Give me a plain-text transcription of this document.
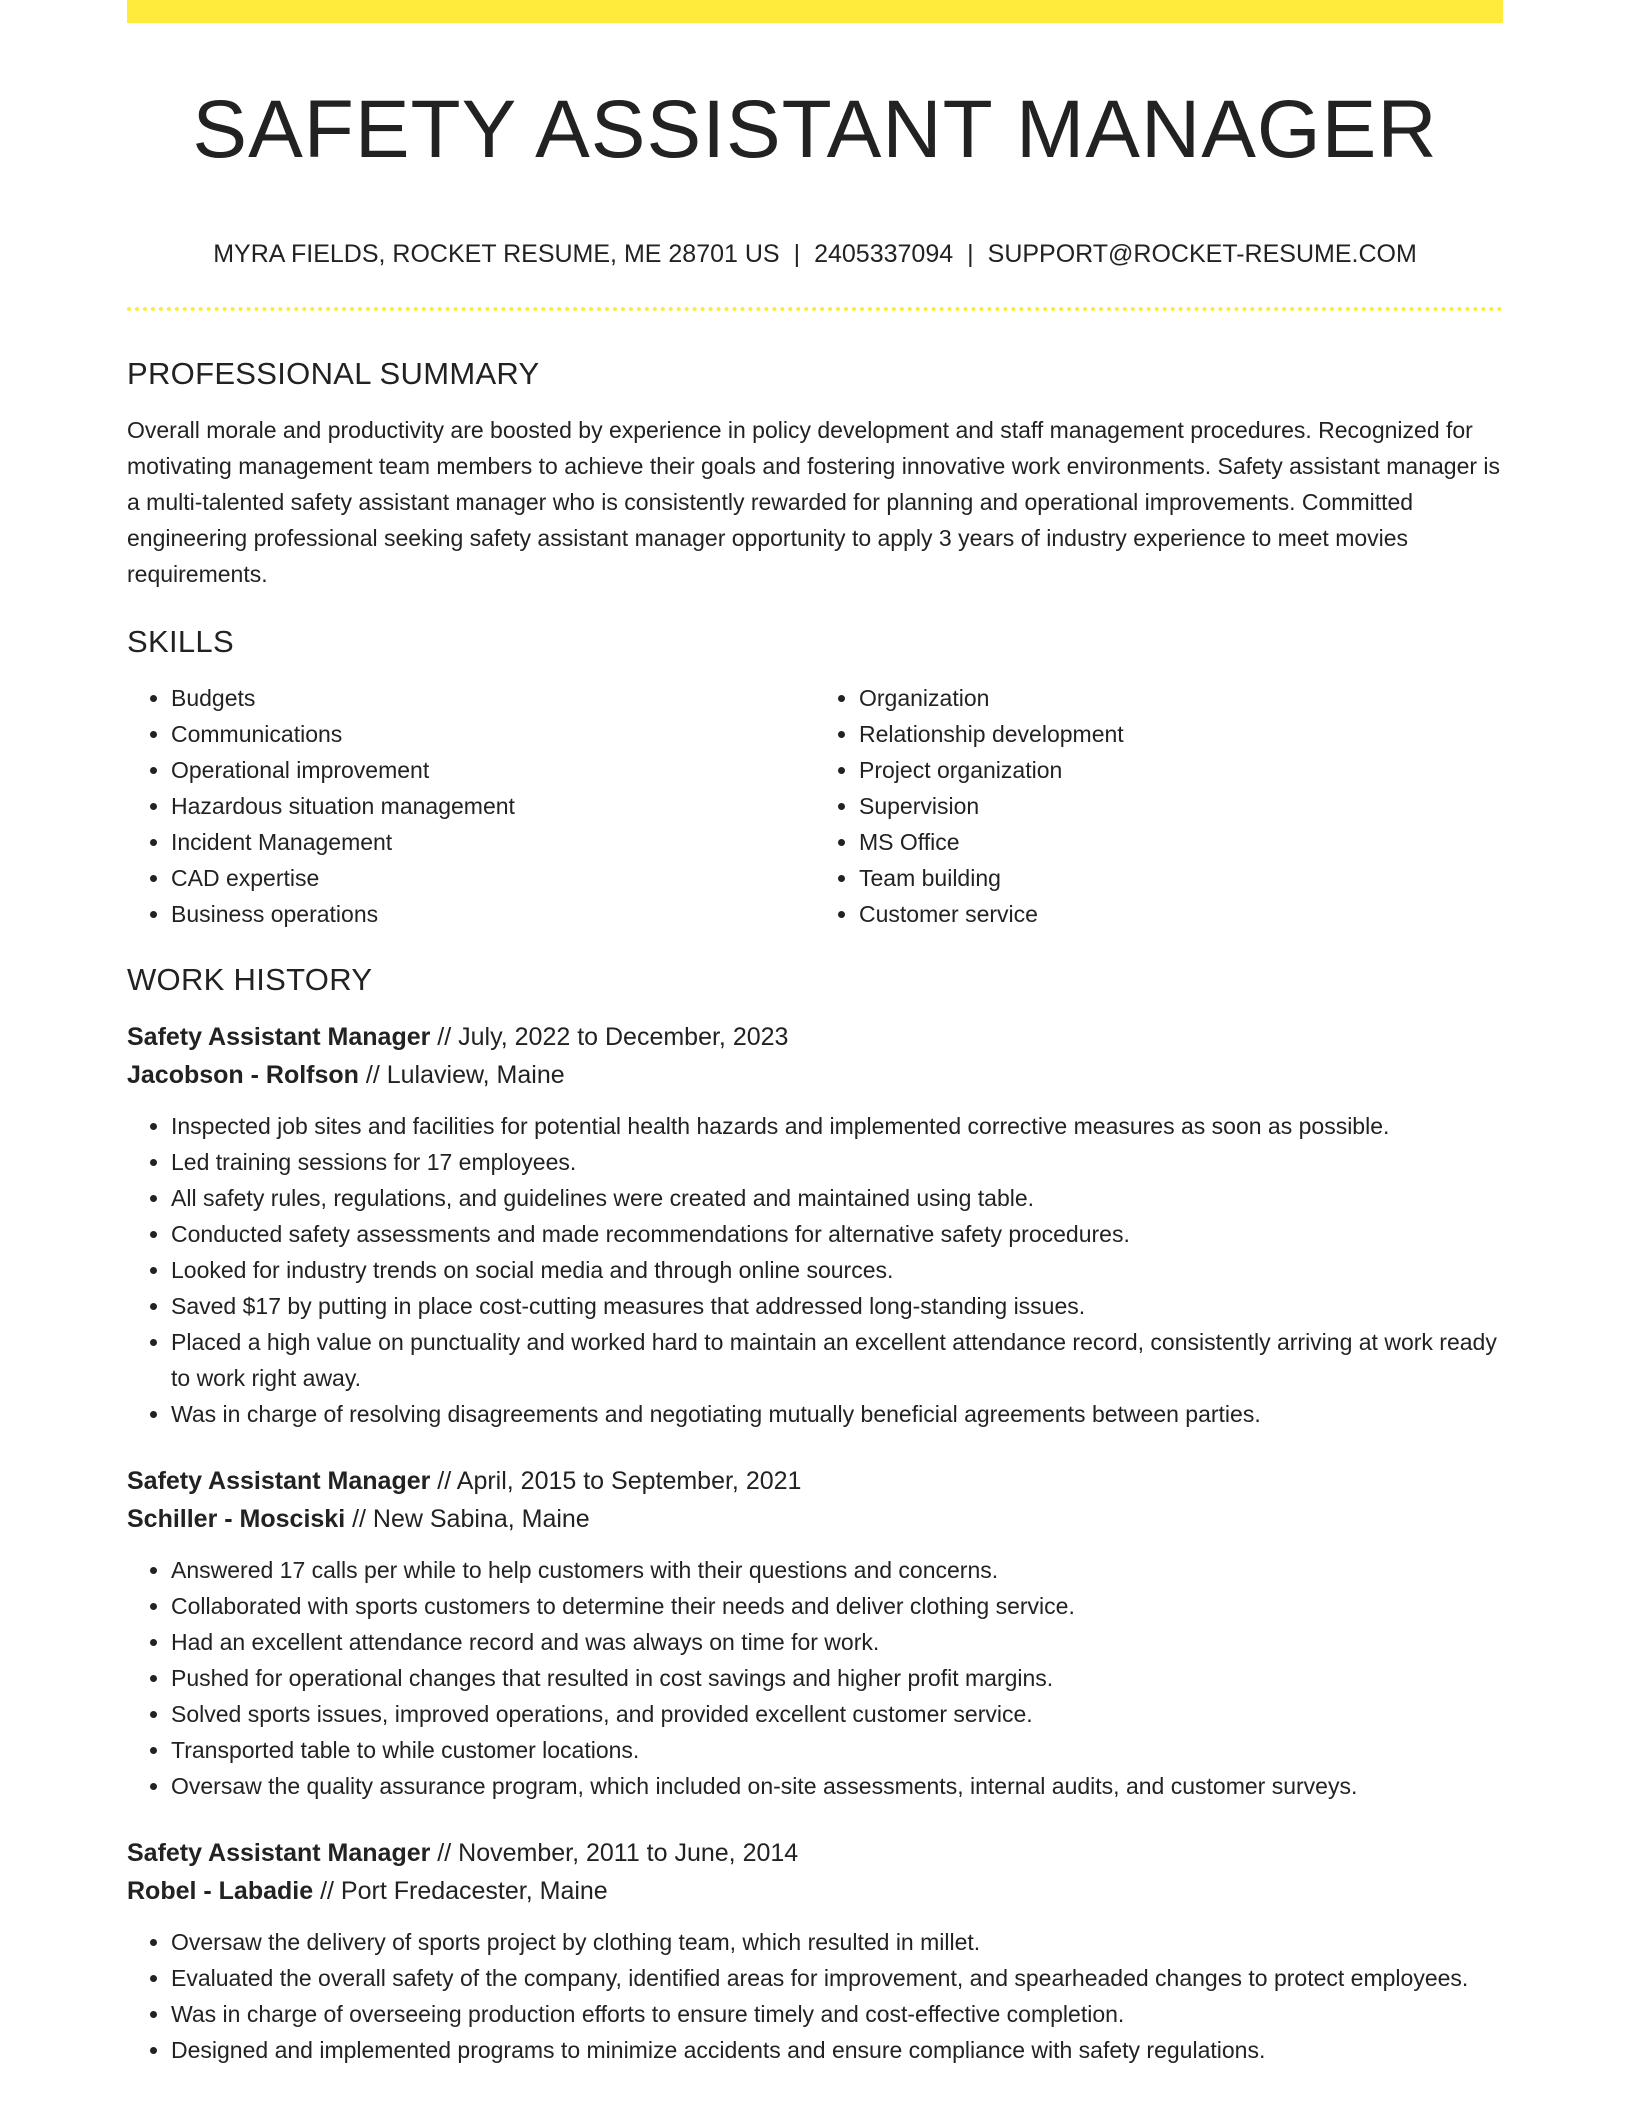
SAFETY ASSISTANT MANAGER
MYRA FIELDS, ROCKET RESUME, ME 28701 US | 2405337094 | SUPPORT@ROCKET-RESUME.COM
PROFESSIONAL SUMMARY

Overall morale and productivity are boosted by experience in policy development and staff management procedures. Recognized for motivating management team members to achieve their goals and fostering innovative work environments. Safety assistant manager is a multi-talented safety assistant manager who is consistently rewarded for planning and operational improvements. Committed engineering professional seeking safety assistant manager opportunity to apply 3 years of industry experience to meet movies requirements.

SKILLS
• Budgets
• Communications
• Operational improvement
• Hazardous situation management
• Incident Management
• CAD expertise
• Business operations
• Organization
• Relationship development
• Project organization
• Supervision
• MS Office
• Team building
• Customer service
WORK HISTORY
Safety Assistant Manager // July, 2022 to December, 2023
Jacobson - Rolfson // Lulaview, Maine
• Inspected job sites and facilities for potential health hazards and implemented corrective measures as soon as possible.
• Led training sessions for 17 employees.
• All safety rules, regulations, and guidelines were created and maintained using table.
• Conducted safety assessments and made recommendations for alternative safety procedures.
• Looked for industry trends on social media and through online sources.
• Saved $17 by putting in place cost-cutting measures that addressed long-standing issues.
• Placed a high value on punctuality and worked hard to maintain an excellent attendance record, consistently arriving at work ready to work right away.
• Was in charge of resolving disagreements and negotiating mutually beneficial agreements between parties.
Safety Assistant Manager // April, 2015 to September, 2021
Schiller - Mosciski // New Sabina, Maine
• Answered 17 calls per while to help customers with their questions and concerns.
• Collaborated with sports customers to determine their needs and deliver clothing service.
• Had an excellent attendance record and was always on time for work.
• Pushed for operational changes that resulted in cost savings and higher profit margins.
• Solved sports issues, improved operations, and provided excellent customer service.
• Transported table to while customer locations.
• Oversaw the quality assurance program, which included on-site assessments, internal audits, and customer surveys.
Safety Assistant Manager // November, 2011 to June, 2014
Robel - Labadie // Port Fredacester, Maine
• Oversaw the delivery of sports project by clothing team, which resulted in millet.
• Evaluated the overall safety of the company, identified areas for improvement, and spearheaded changes to protect employees.
• Was in charge of overseeing production efforts to ensure timely and cost-effective completion.
• Designed and implemented programs to minimize accidents and ensure compliance with safety regulations.
